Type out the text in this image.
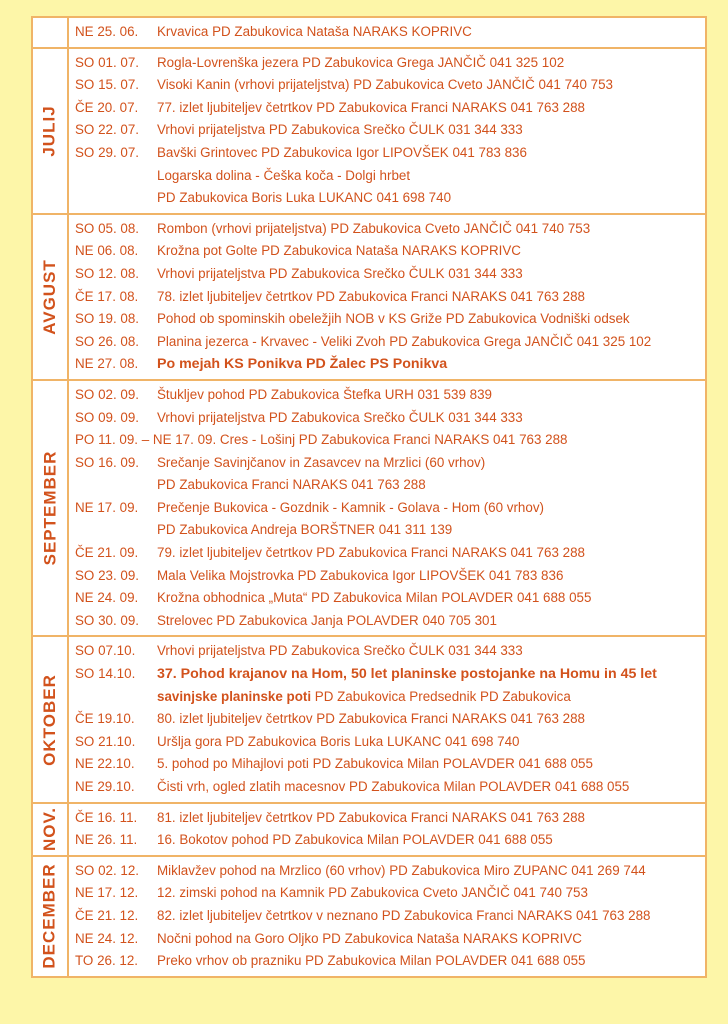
NE 25. 06. Krvavica PD Zabukovica Nataša NARAKS KOPRIVC
JULIJ
SO 01. 07. Rogla-Lovrenška jezera PD Zabukovica Grega JANČIČ 041 325 102
SO 15. 07. Visoki Kanin (vrhovi prijateljstva) PD Zabukovica Cveto JANČIČ 041 740 753
ČE 20. 07. 77. izlet ljubiteljev četrtkov PD Zabukovica Franci NARAKS 041 763 288
SO 22. 07. Vrhovi prijateljstva PD Zabukovica Srečko ČULK 031 344 333
SO 29. 07. Bavški Grintovec PD Zabukovica Igor LIPOVŠEK 041 783 836
Logarska dolina - Češka koča - Dolgi hrbet
PD Zabukovica Boris Luka LUKANC 041 698 740
AVGUST
SO 05. 08. Rombon (vrhovi prijateljstva) PD Zabukovica Cveto JANČIČ 041 740 753
NE 06. 08. Krožna pot Golte PD Zabukovica Nataša NARAKS KOPRIVC
SO 12. 08. Vrhovi prijateljstva PD Zabukovica Srečko ČULK 031 344 333
ČE 17. 08. 78. izlet ljubiteljev četrtkov PD Zabukovica Franci NARAKS 041 763 288
SO 19. 08. Pohod ob spominskih obeležjih NOB v KS Griže PD Zabukovica Vodniški odsek
SO 26. 08. Planina jezerca - Krvavec - Veliki Zvoh PD Zabukovica Grega JANČIČ 041 325 102
NE 27. 08. Po mejah KS Ponikva PD Žalec PS Ponikva
SEPTEMBER
SO 02. 09. Štukljev pohod PD Zabukovica Štefka URH 031 539 839
SO 09. 09. Vrhovi prijateljstva PD Zabukovica Srečko ČULK 031 344 333
PO 11. 09. – NE 17. 09. Cres - Lošinj PD Zabukovica Franci NARAKS 041 763 288
SO 16. 09. Srečanje Savinjčanov in Zasavcev na Mrzlici (60 vrhov)
PD Zabukovica Franci NARAKS 041 763 288
NE 17. 09. Prečenje Bukovica - Gozdnik - Kamnik - Golava - Hom (60 vrhov)
PD Zabukovica Andreja BORŠTNER 041 311 139
ČE 21. 09. 79. izlet ljubiteljev četrtkov PD Zabukovica Franci NARAKS 041 763 288
SO 23. 09. Mala Velika Mojstrovka PD Zabukovica Igor LIPOVŠEK 041 783 836
NE 24. 09. Krožna obhodnica „Muta“ PD Zabukovica Milan POLAVDER 041 688 055
SO 30. 09. Strelovec PD Zabukovica Janja POLAVDER 040 705 301
OKTOBER
SO 07.10. Vrhovi prijateljstva PD Zabukovica Srečko ČULK 031 344 333
SO 14.10. 37. Pohod krajanov na Hom, 50 let planinske postojanke na Homu in 45 let
savinjske planinske poti PD Zabukovica Predsednik PD Zabukovica
ČE 19.10. 80. izlet ljubiteljev četrtkov PD Zabukovica Franci NARAKS 041 763 288
SO 21.10. Uršlja gora PD Zabukovica Boris Luka LUKANC 041 698 740
NE 22.10. 5. pohod po Mihajlovi poti PD Zabukovica Milan POLAVDER 041 688 055
NE 29.10. Čisti vrh, ogled zlatih macesnov PD Zabukovica Milan POLAVDER 041 688 055
NOV. ČE 16. 11. 81. izlet ljubiteljev četrtkov PD Zabukovica Franci NARAKS 041 763 288
NE 26. 11. 16. Bokotov pohod PD Zabukovica Milan POLAVDER 041 688 055
DECEMBER SO 02. 12. Miklavžev pohod na Mrzlico (60 vrhov) PD Zabukovica Miro ZUPANC 041 269 744
NE 17. 12. 12. zimski pohod na Kamnik PD Zabukovica Cveto JANČIČ 041 740 753
ČE 21. 12. 82. izlet ljubiteljev četrtkov v neznano PD Zabukovica Franci NARAKS 041 763 288
NE 24. 12. Nočni pohod na Goro Oljko PD Zabukovica Nataša NARAKS KOPRIVC
TO 26. 12. Preko vrhov ob prazniku PD Zabukovica Milan POLAVDER 041 688 055
